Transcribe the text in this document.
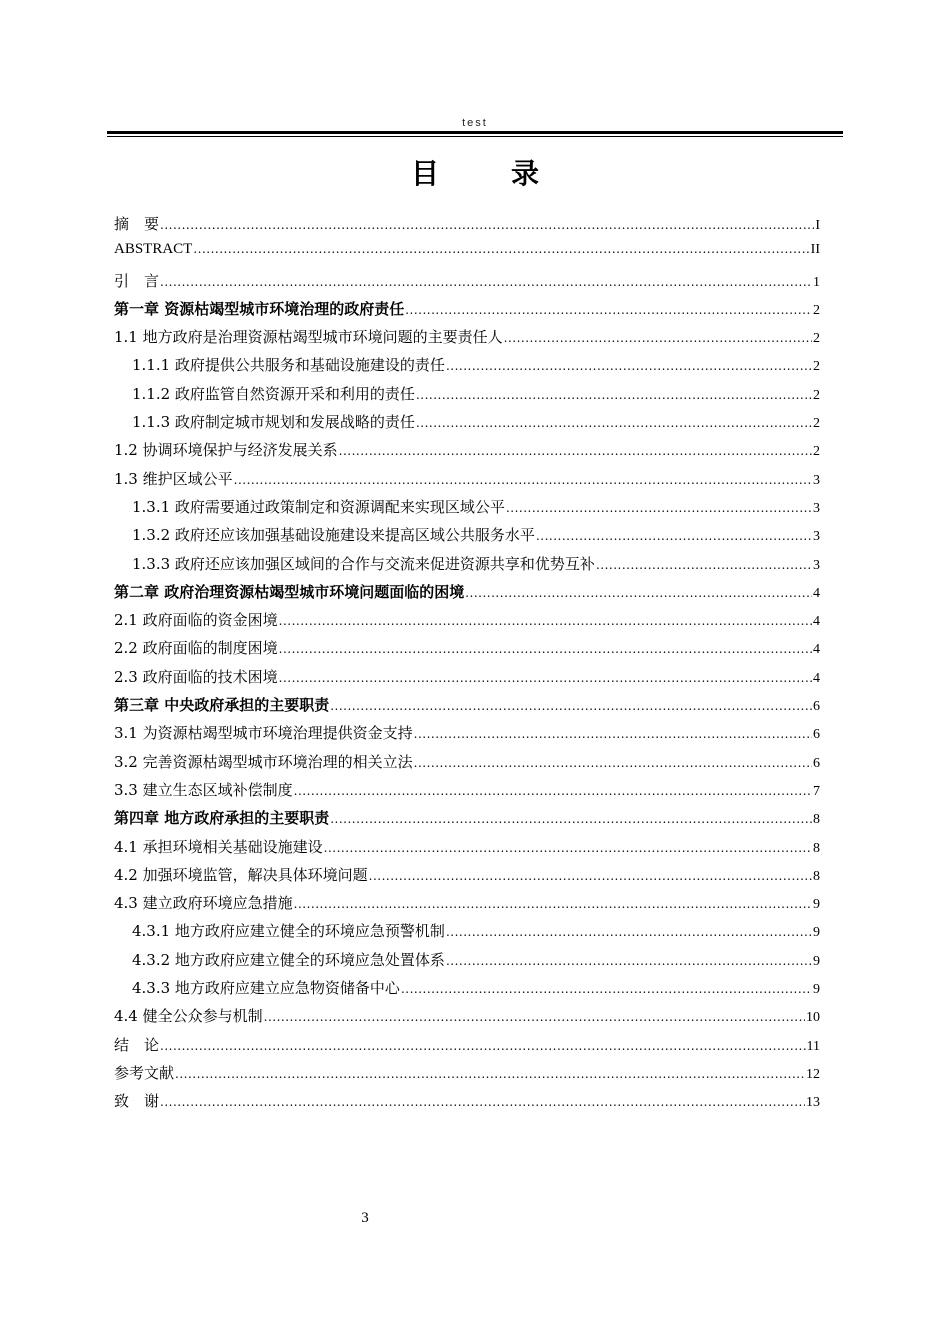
test
目　录
摘　要 .....	I
ABSTRACT .....	II
引　言 .....	1
第一章 资源枯竭型城市环境治理的政府责任 .....	2
1.1 地方政府是治理资源枯竭型城市环境问题的主要责任人 .....	2
1.1.1 政府提供公共服务和基础设施建设的责任 .....	2
1.1.2 政府监管自然资源开采和利用的责任 .....	2
1.1.3 政府制定城市规划和发展战略的责任 .....	2
1.2 协调环境保护与经济发展关系 .....	2
1.3 维护区域公平 .....	3
1.3.1 政府需要通过政策制定和资源调配来实现区域公平 .....	3
1.3.2 政府还应该加强基础设施建设来提高区域公共服务水平 .....	3
1.3.3 政府还应该加强区域间的合作与交流来促进资源共享和优势互补 .....	3
第二章 政府治理资源枯竭型城市环境问题面临的困境 .....	4
2.1 政府面临的资金困境 .....	4
2.2 政府面临的制度困境 .....	4
2.3 政府面临的技术困境 .....	4
第三章 中央政府承担的主要职责 .....	6
3.1 为资源枯竭型城市环境治理提供资金支持 .....	6
3.2 完善资源枯竭型城市环境治理的相关立法 .....	6
3.3 建立生态区域补偿制度 .....	7
第四章 地方政府承担的主要职责 .....	8
4.1 承担环境相关基础设施建设 .....	8
4.2 加强环境监管，解决具体环境问题 .....	8
4.3 建立政府环境应急措施 .....	9
4.3.1 地方政府应建立健全的环境应急预警机制 .....	9
4.3.2 地方政府应建立健全的环境应急处置体系 .....	9
4.3.3 地方政府应建立应急物资储备中心 .....	9
4.4 健全公众参与机制 .....	10
结　论 .....	11
参考文献 .....	12
致　谢 .....	13
3
